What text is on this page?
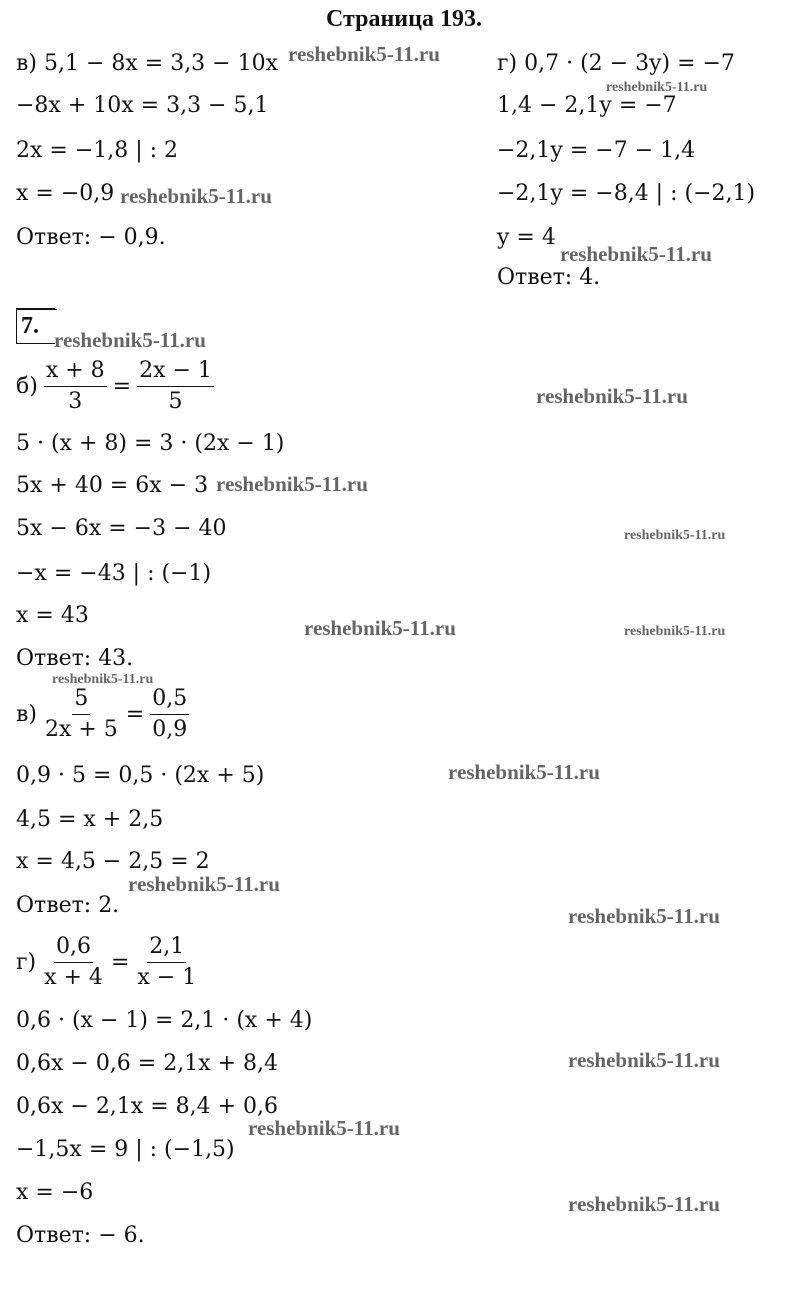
Страница 193.
в) 5,1 − 8x = 3,3 − 10x
−8x + 10x = 3,3 − 5,1
2x = −1,8 | : 2
x = −0,9
Ответ: − 0,9.
г) 0,7 · (2 − 3y) = −7
1,4 − 2,1y = −7
−2,1y = −7 − 1,4
−2,1y = −8,4 | : (−2,1)
y = 4
Ответ: 4.
7.
$б) \frac{x + 8}{3} = \frac{2x - 1}{5}$
5 · (x + 8) = 3 · (2x − 1)
5x + 40 = 6x − 3
5x − 6x = −3 − 40
−x = −43 | : (−1)
x = 43
Ответ: 43.
$в) \frac{5}{2x + 5} = \frac{0,5}{0,9}$
0,9 · 5 = 0,5 · (2x + 5)
4,5 = x + 2,5
x = 4,5 − 2,5 = 2
Ответ: 2.
$г) \frac{0,6}{x + 4} = \frac{2,1}{x - 1}$
0,6 · (x − 1) = 2,1 · (x + 4)
0,6x − 0,6 = 2,1x + 8,4
0,6x − 2,1x = 8,4 + 0,6
−1,5x = 9 | : (−1,5)
x = −6
Ответ: − 6.
reshebnik5-11.ru
reshebnik5-11.ru
reshebnik5-11.ru
reshebnik5-11.ru
reshebnik5-11.ru
reshebnik5-11.ru
reshebnik5-11.ru
reshebnik5-11.ru
reshebnik5-11.ru	reshebnik5-11.ru
reshebnik5-11.ru
reshebnik5-11.ru
reshebnik5-11.ru
reshebnik5-11.ru
reshebnik5-11.ru
reshebnik5-11.ru
reshebnik5-11.ru
